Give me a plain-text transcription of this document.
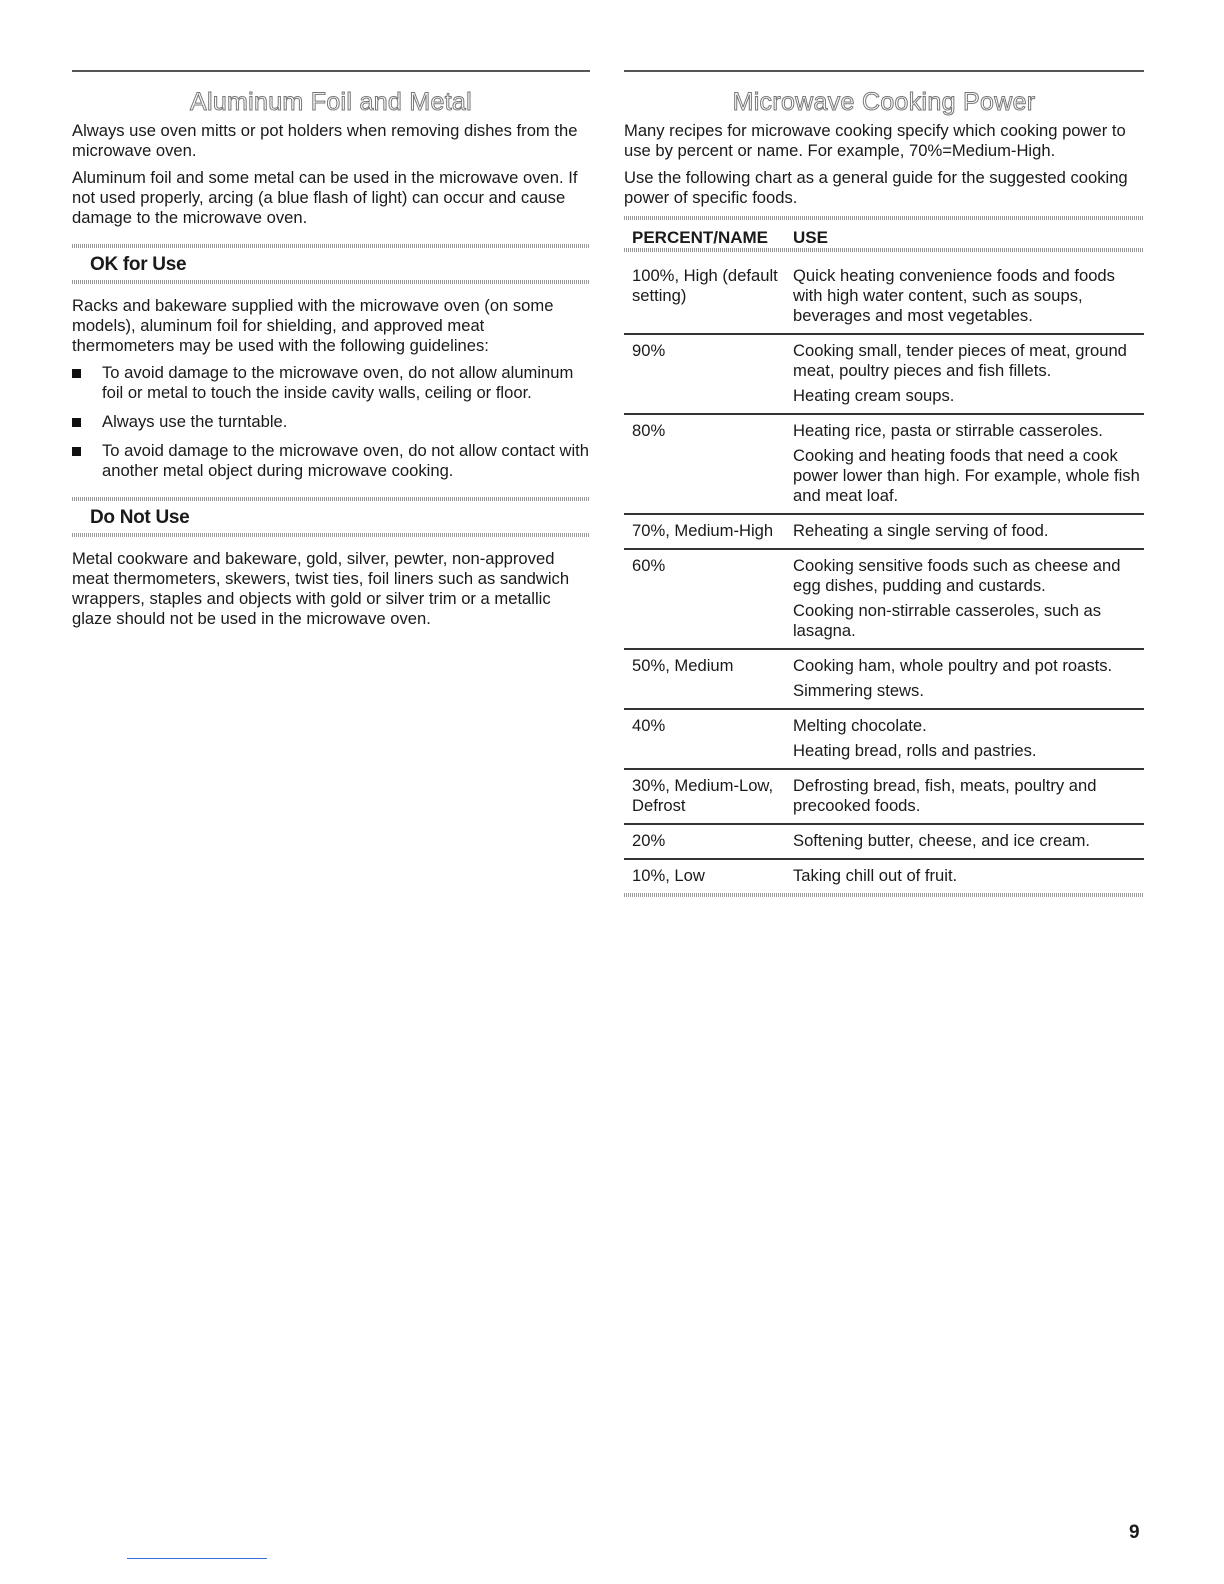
Aluminum Foil and Metal

Always use oven mitts or pot holders when removing dishes from the microwave oven.

Aluminum foil and some metal can be used in the microwave oven. If not used properly, arcing (a blue flash of light) can occur and cause damage to the microwave oven.

OK for Use

Racks and bakeware supplied with the microwave oven (on some models), aluminum foil for shielding, and approved meat thermometers may be used with the following guidelines:

To avoid damage to the microwave oven, do not allow aluminum foil or metal to touch the inside cavity walls, ceiling or floor.
Always use the turntable.
To avoid damage to the microwave oven, do not allow contact with another metal object during microwave cooking.
Do Not Use

Metal cookware and bakeware, gold, silver, pewter, non-approved meat thermometers, skewers, twist ties, foil liners such as sandwich wrappers, staples and objects with gold or silver trim or a metallic glaze should not be used in the microwave oven.

Microwave Cooking Power

Many recipes for microwave cooking specify which cooking power to use by percent or name. For example, 70%=Medium-High.

Use the following chart as a general guide for the suggested cooking power of specific foods.

PERCENT/NAME	USE
100%, High (default setting)	Quick heating convenience foods and foods with high water content, such as soups, beverages and most vegetables.

90%	Cooking small, tender pieces of meat, ground meat, poultry pieces and fish fillets.
Heating cream soups.

80%	Heating rice, pasta or stirrable casseroles.
Cooking and heating foods that need a cook power lower than high. For example, whole fish and meat loaf.

70%, Medium-High	Reheating a single serving of food.

60%	Cooking sensitive foods such as cheese and egg dishes, pudding and custards.
Cooking non-stirrable casseroles, such as lasagna.

50%, Medium	Cooking ham, whole poultry and pot roasts.
Simmering stews.

40%	Melting chocolate.
Heating bread, rolls and pastries.

30%, Medium-Low, Defrost	Defrosting bread, fish, meats, poultry and precooked foods.

20%	Softening butter, cheese, and ice cream.

10%, Low	Taking chill out of fruit.
9
